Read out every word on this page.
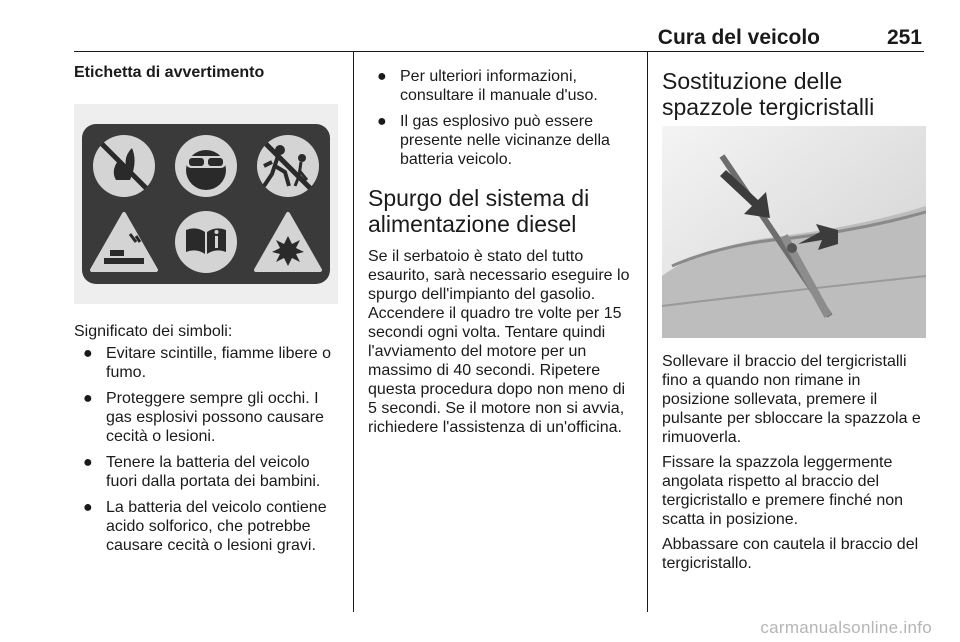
Cura del veicolo	251
Etichetta di avvertimento

Significato dei simboli:

● Evitare scintille, fiamme libere o fumo.
● Proteggere sempre gli occhi. I gas esplosivi possono causare cecità o lesioni.
● Tenere la batteria del veicolo fuori dalla portata dei bambini.
● La batteria del veicolo contiene acido solforico, che potrebbe causare cecità o lesioni gravi.
● Per ulteriori informazioni, consultare il manuale d'uso.
● Il gas esplosivo può essere presente nelle vicinanze della batteria veicolo.
Spurgo del sistema di alimentazione diesel

Se il serbatoio è stato del tutto esaurito, sarà necessario eseguire lo spurgo dell'impianto del gasolio. Accendere il quadro tre volte per 15 secondi ogni volta. Tentare quindi l'avviamento del motore per un massimo di 40 secondi. Ripetere questa procedura dopo non meno di 5 secondi. Se il motore non si avvia, richiedere l'assistenza di un'officina.

Sostituzione delle spazzole tergicristalli

Sollevare il braccio del tergicristalli fino a quando non rimane in posizione sollevata, premere il pulsante per sbloccare la spazzola e rimuoverla.

Fissare la spazzola leggermente angolata rispetto al braccio del tergicristallo e premere finché non scatta in posizione.

Abbassare con cautela il braccio del tergicristallo.

carmanualsonline.info
